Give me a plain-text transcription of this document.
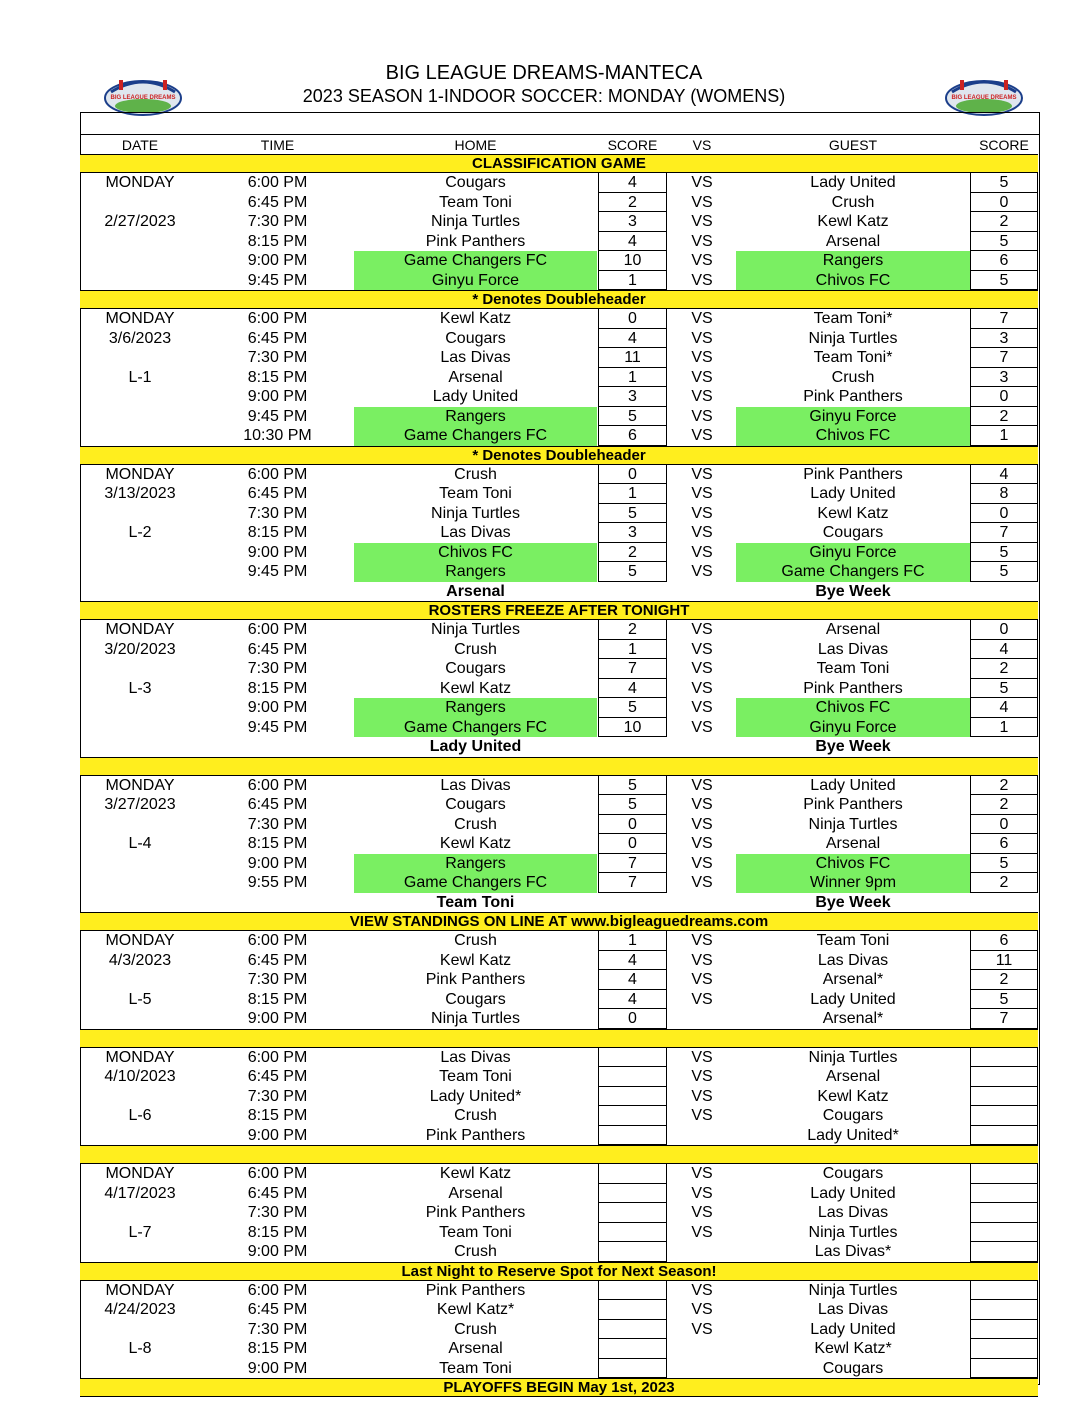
BIG LEAGUE DREAMS-MANTECA
2023 SEASON 1-INDOOR SOCCER: MONDAY (WOMENS)
BIG LEAGUE DREAMS	BIG LEAGUE DREAMS
DATE	TIME	HOME	SCORE	VS	GUEST	SCORE
CLASSIFICATION GAME
MONDAY	6:00 PM	Cougars	4	VS	Lady United	5
6:45 PM	Team Toni	2	VS	Crush	0
2/27/2023	7:30 PM	Ninja Turtles	3	VS	Kewl Katz	2
8:15 PM	Pink Panthers	4	VS	Arsenal	5
9:00 PM	Game Changers FC	10	VS	Rangers	6
9:45 PM	Ginyu Force	1	VS	Chivos FC	5
* Denotes Doubleheader
MONDAY	6:00 PM	Kewl Katz	0	VS	Team Toni*	7
3/6/2023	6:45 PM	Cougars	4	VS	Ninja Turtles	3
7:30 PM	Las Divas	11	VS	Team Toni*	7
L-1	8:15 PM	Arsenal	1	VS	Crush	3
9:00 PM	Lady United	3	VS	Pink Panthers	0
9:45 PM	Rangers	5	VS	Ginyu Force	2
10:30 PM	Game Changers FC	6	VS	Chivos FC	1
* Denotes Doubleheader
MONDAY	6:00 PM	Crush	0	VS	Pink Panthers	4
3/13/2023	6:45 PM	Team Toni	1	VS	Lady United	8
7:30 PM	Ninja Turtles	5	VS	Kewl Katz	0
L-2	8:15 PM	Las Divas	3	VS	Cougars	7
9:00 PM	Chivos FC	2	VS	Ginyu Force	5
9:45 PM	Rangers	5	VS	Game Changers FC	5
Arsenal	Bye Week
ROSTERS FREEZE AFTER TONIGHT
MONDAY	6:00 PM	Ninja Turtles	2	VS	Arsenal	0
3/20/2023	6:45 PM	Crush	1	VS	Las Divas	4
7:30 PM	Cougars	7	VS	Team Toni	2
L-3	8:15 PM	Kewl Katz	4	VS	Pink Panthers	5
9:00 PM	Rangers	5	VS	Chivos FC	4
9:45 PM	Game Changers FC	10	VS	Ginyu Force	1
Lady United	Bye Week
MONDAY	6:00 PM	Las Divas	5	VS	Lady United	2
3/27/2023	6:45 PM	Cougars	5	VS	Pink Panthers	2
7:30 PM	Crush	0	VS	Ninja Turtles	0
L-4	8:15 PM	Kewl Katz	0	VS	Arsenal	6
9:00 PM	Rangers	7	VS	Chivos FC	5
9:55 PM	Game Changers FC	7	VS	Winner 9pm	2
Team Toni	Bye Week
VIEW STANDINGS ON LINE AT www.bigleaguedreams.com
MONDAY	6:00 PM	Crush	1	VS	Team Toni	6
4/3/2023	6:45 PM	Kewl Katz	4	VS	Las Divas	11
7:30 PM	Pink Panthers	4	VS	Arsenal*	2
L-5	8:15 PM	Cougars	4	VS	Lady United	5
9:00 PM	Ninja Turtles	0	Arsenal*	7
MONDAY	6:00 PM	Las Divas	VS	Ninja Turtles
4/10/2023	6:45 PM	Team Toni	VS	Arsenal
7:30 PM	Lady United*	VS	Kewl Katz
L-6	8:15 PM	Crush	VS	Cougars
9:00 PM	Pink Panthers	Lady United*
MONDAY	6:00 PM	Kewl Katz	VS	Cougars
4/17/2023	6:45 PM	Arsenal	VS	Lady United
7:30 PM	Pink Panthers	VS	Las Divas
L-7	8:15 PM	Team Toni	VS	Ninja Turtles
9:00 PM	Crush	Las Divas*
Last Night to Reserve Spot for Next Season!
MONDAY	6:00 PM	Pink Panthers	VS	Ninja Turtles
4/24/2023	6:45 PM	Kewl Katz*	VS	Las Divas
7:30 PM	Crush	VS	Lady United
L-8	8:15 PM	Arsenal	Kewl Katz*
9:00 PM	Team Toni	Cougars
PLAYOFFS BEGIN May 1st, 2023
